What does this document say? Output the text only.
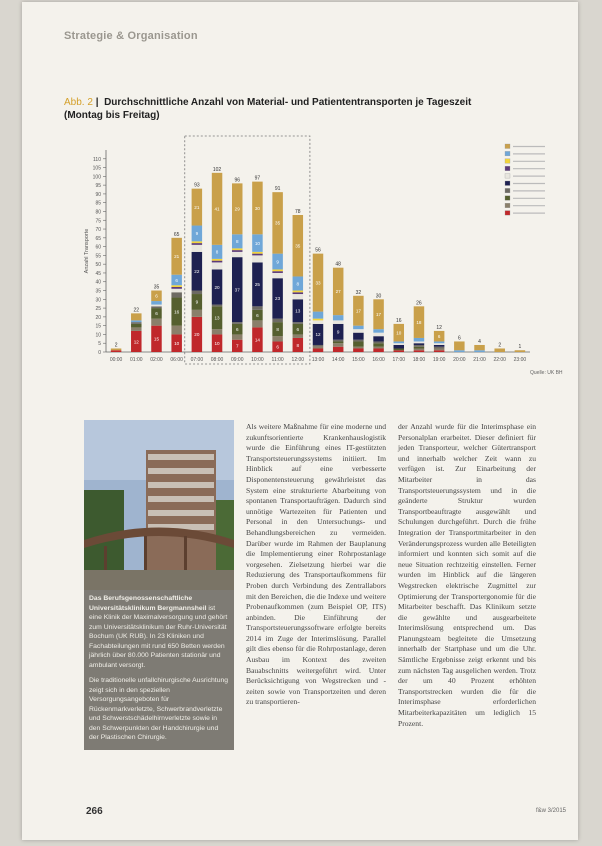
Strategie & Organisation
Abb. 2 |  Durchschnittliche Anzahl von Material- und Patiententransporten je Tageszeit
(Montag bis Freitag)
0
5
10
15
20
25
30
35
40
45
50
55
60
65
70
75
80
85
90
95
100
105
110
Anzahl Transporte
2
00:00
12
22
01:00
15
6
6
35
02:00
10
16
6
21
65
06:00
20
9
22
9
21
93
07:00
10
13
20
8
41
102
08:00
7
6
37
8
29
96
09:00
14
6
25
10
30
97
10:00
6
8
23
9
35
91
11:00
8
6
13
8
35
78
12:00
12
33
56
13:00
9
27
48
14:00
17
32
15:00
17
30
16:00
10
16
17:00
18
26
18:00
6
12
19:00
6
20:00
4
21:00
2
22:00
1
23:00
Quelle: UK BH
Das Berufsgenossenschaftliche Universitätsklinikum Bergmannsheil ist eine Klinik der Maximalversorgung und gehört zum Universitätsklinikum der Ruhr-Universität Bochum (UK RUB). In 23 Kliniken und Fachabteilungen mit rund 650 Betten werden jährlich über 80.000 Patienten stationär und ambulant versorgt.
Die traditionelle unfallchirurgische Ausrichtung zeigt sich in den speziellen Versorgungsangeboten für Rückenmarkverletzte, Schwerbrandverletzte und Schwerstschädelhirnverletzte sowie in den Schwerpunkten der Handchirurgie und der Plastischen Chirurgie.
Als weitere Maßnahme für eine moderne und zukunftsorientierte Krankenhauslogistik wurde die Einführung eines IT-gestützten Transportsteuerungssystems initiiert. Im Hinblick auf eine verbesserte Disponentensteuerung gewährleistet das System eine strukturierte Abarbeitung von spontanen Transportaufträgen. Dadurch sind unnötige Wartezeiten für Patienten und Personal in den Untersuchungs- und Behandlungsbereichen zu vermeiden. Darüber wurde im Rahmen der Bauplanung die Implementierung einer Rohrpostanlage vorgesehen. Zielsetzung hierbei war die Reduzierung des Transportaufkommens für Proben durch Verbindung des Zentrallabors mit den Bereichen, die die Indexe und weitere Probenaufkommen (zum Beispiel OP, ITS) anbinden. Die Einführung der Transportsteuerungssoftware erfolgte bereits 2014 im Zuge der Interimslösung. Parallel gilt dies ebenso für die Rohrpostanlage, deren Ausbau im Kontext des zweiten Bauabschnitts weitergeführt wird. Unter Berücksichtigung von Wegstrecken und -zeiten sowie von Transportzeiten und deren zu transportieren-
der Anzahl wurde für die Interimsphase ein Personalplan erarbeitet. Dieser definiert für jeden Transporteur, welcher Gütertransport und innerhalb welcher Zeit wann zu verfügen ist. Zur Einarbeitung der Mitarbeiter in das Transportsteuerungssystem und in die geänderte Struktur wurden Transportbeauftragte ausgewählt und Schulungen durchgeführt. Durch die frühe Integration der Transportmitarbeiter in den Veränderungsprozess wurden alle Beteiligten informiert und konnten sich somit auf die neue Situation rechtzeitig einstellen. Ferner wurden im Hinblick auf die längeren Wegstrecken elektrische Zugmittel zur Optimierung der Transportergonomie für die Mitarbeiter beschafft. Das Klinikum setzte die gewählte und ausgearbeitete Interimslösung entsprechend um. Das Planungsteam begleitete die Umsetzung innerhalb der Startphase und um die Uhr. Sämtliche Ergebnisse zeigt erkennt und bis zum nächsten Tag ausgelichen werden. Trotz der um 40 Prozent erhöhten Transportstrecken wurden die für die Interimsphase erforderlichen Mitarbeiterkapazitäten um lediglich 15 Prozent.
266	f&w 3/2015
